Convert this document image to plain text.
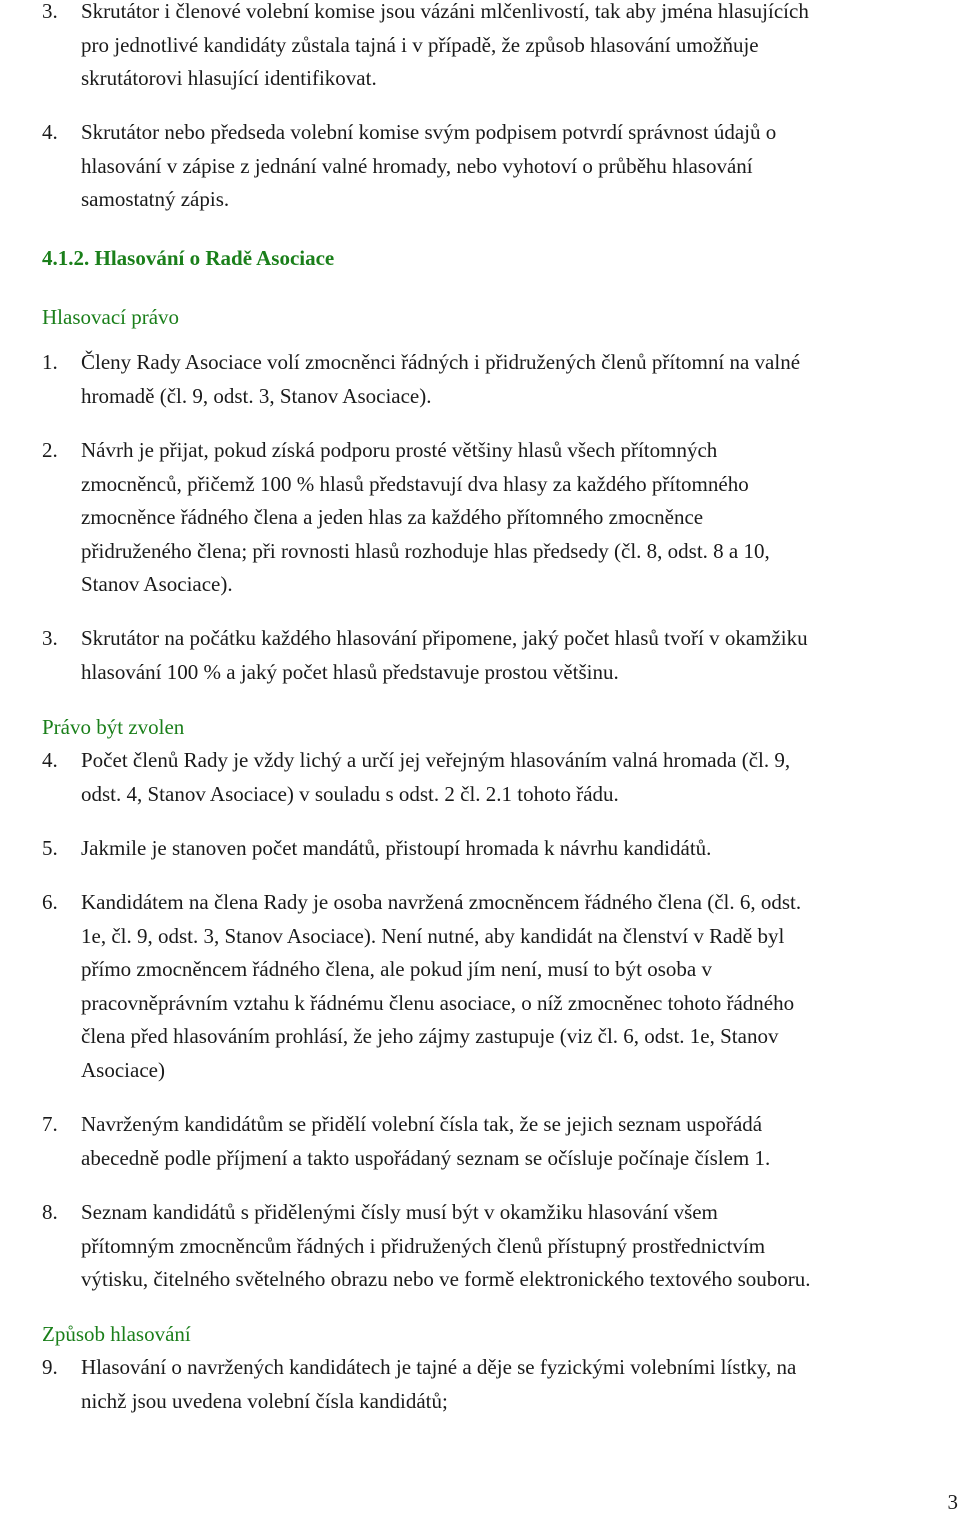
3. Skrutátor i členové volební komise jsou vázáni mlčenlivostí, tak aby jména hlasujících
pro jednotlivé kandidáty zůstala tajná i v případě, že způsob hlasování umožňuje
skrutátorovi hlasující identifikovat.
4. Skrutátor nebo předseda volební komise svým podpisem potvrdí správnost údajů o
hlasování v zápise z jednání valné hromady, nebo vyhotoví o průběhu hlasování
samostatný zápis.
4.1.2. Hlasování o Radě Asociace
Hlasovací právo
1. Členy Rady Asociace volí zmocněnci řádných i přidružených členů přítomní na valné
hromadě (čl. 9, odst. 3, Stanov Asociace).
2. Návrh je přijat, pokud získá podporu prosté většiny hlasů všech přítomných
zmocněnců, přičemž 100 % hlasů představují dva hlasy za každého přítomného
zmocněnce řádného člena a jeden hlas za každého přítomného zmocněnce
přidruženého člena; při rovnosti hlasů rozhoduje hlas předsedy (čl. 8, odst. 8 a 10,
Stanov Asociace).
3. Skrutátor na počátku každého hlasování připomene, jaký počet hlasů tvoří v okamžiku
hlasování 100 % a jaký počet hlasů představuje prostou většinu.
Právo být zvolen
4. Počet členů Rady je vždy lichý a určí jej veřejným hlasováním valná hromada (čl. 9,
odst. 4, Stanov Asociace) v souladu s odst. 2 čl. 2.1 tohoto řádu.
5. Jakmile je stanoven počet mandátů, přistoupí hromada k návrhu kandidátů.
6. Kandidátem na člena Rady je osoba navržená zmocněncem řádného člena (čl. 6, odst.
1e, čl. 9, odst. 3, Stanov Asociace). Není nutné, aby kandidát na členství v Radě byl
přímo zmocněncem řádného člena, ale pokud jím není, musí to být osoba v
pracovněprávním vztahu k řádnému členu asociace, o níž zmocněnec tohoto řádného
člena před hlasováním prohlásí, že jeho zájmy zastupuje (viz čl. 6, odst. 1e, Stanov
Asociace)
7. Navrženým kandidátům se přidělí volební čísla tak, že se jejich seznam uspořádá
abecedně podle příjmení a takto uspořádaný seznam se očísluje počínaje číslem 1.
8. Seznam kandidátů s přidělenými čísly musí být v okamžiku hlasování všem
přítomným zmocněncům řádných i přidružených členů přístupný prostřednictvím
výtisku, čitelného světelného obrazu nebo ve formě elektronického textového souboru.
Způsob hlasování
9. Hlasování o navržených kandidátech je tajné a děje se fyzickými volebními lístky, na
nichž jsou uvedena volební čísla kandidátů;
3
